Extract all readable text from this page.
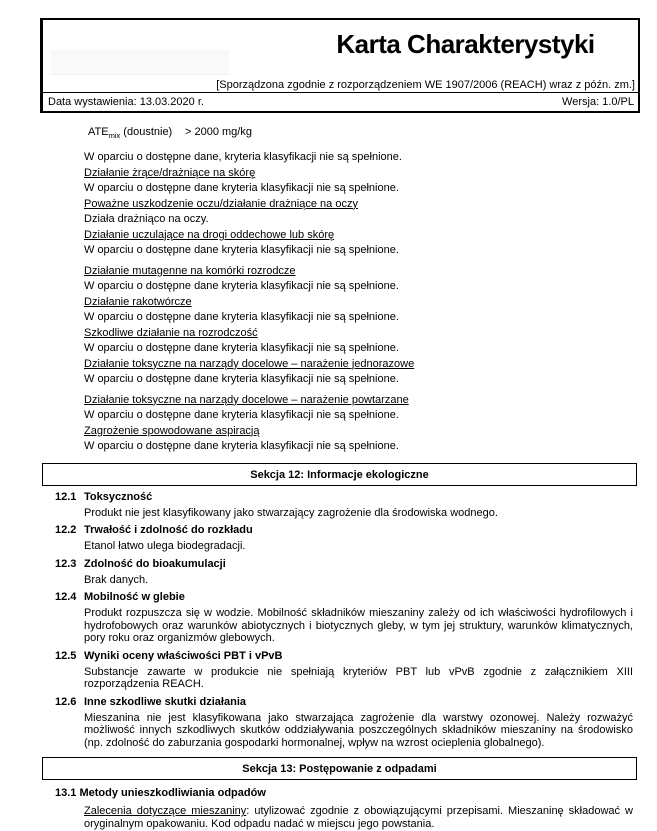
Karta Charakterystyki
[Sporządzona zgodnie z rozporządzeniem WE 1907/2006 (REACH) wraz z późn. zm.]
Data wystawienia: 13.03.2020 r.	Wersja: 1.0/PL
$ATE_{mix}$ (doustnie)	> 2000 mg/kg

W oparciu o dostępne dane, kryteria klasyfikacji nie są spełnione.

Działanie żrące/drażniące na skórę

W oparciu o dostępne dane kryteria klasyfikacji nie są spełnione.

Poważne uszkodzenie oczu/działanie drażniące na oczy

Działa drażniąco na oczy.

Działanie uczulające na drogi oddechowe lub skórę

W oparciu o dostępne dane kryteria klasyfikacji nie są spełnione.

Działanie mutagenne na komórki rozrodcze

W oparciu o dostępne dane kryteria klasyfikacji nie są spełnione.

Działanie rakotwórcze

W oparciu o dostępne dane kryteria klasyfikacji nie są spełnione.

Szkodliwe działanie na rozrodczość

W oparciu o dostępne dane kryteria klasyfikacji nie są spełnione.

Działanie toksyczne na narządy docelowe – narażenie jednorazowe

W oparciu o dostępne dane kryteria klasyfikacji nie są spełnione.

Działanie toksyczne na narządy docelowe – narażenie powtarzane

W oparciu o dostępne dane kryteria klasyfikacji nie są spełnione.

Zagrożenie spowodowane aspiracją

W oparciu o dostępne dane kryteria klasyfikacji nie są spełnione.

Sekcja 12: Informacje ekologiczne
12.1 Toksyczność

Produkt nie jest klasyfikowany jako stwarzający zagrożenie dla środowiska wodnego.

12.2 Trwałość i zdolność do rozkładu

Etanol łatwo ulega biodegradacji.

12.3 Zdolność do bioakumulacji

Brak danych.

12.4 Mobilność w glebie

Produkt rozpuszcza się w wodzie. Mobilność składników mieszaniny zależy od ich właściwości hydrofilowych i hydrofobowych oraz warunków abiotycznych i biotycznych gleby, w tym jej struktury, warunków klimatycznych, pory roku oraz organizmów glebowych.

12.5 Wyniki oceny właściwości PBT i vPvB

Substancje zawarte w produkcie nie spełniają kryteriów PBT lub vPvB zgodnie z załącznikiem XIII rozporządzenia REACH.

12.6 Inne szkodliwe skutki działania

Mieszanina nie jest klasyfikowana jako stwarzająca zagrożenie dla warstwy ozonowej. Należy rozważyć możliwość innych szkodliwych skutków oddziaływania poszczególnych składników mieszaniny na środowisko (np. zdolność do zaburzania gospodarki hormonalnej, wpływ na wzrost ocieplenia globalnego).

Sekcja 13: Postępowanie z odpadami
13.1 Metody unieszkodliwiania odpadów

Zalecenia dotyczące mieszaniny: utylizować zgodnie z obowiązującymi przepisami. Mieszaninę składować w oryginalnym opakowaniu. Kod odpadu nadać w miejscu jego powstania.
